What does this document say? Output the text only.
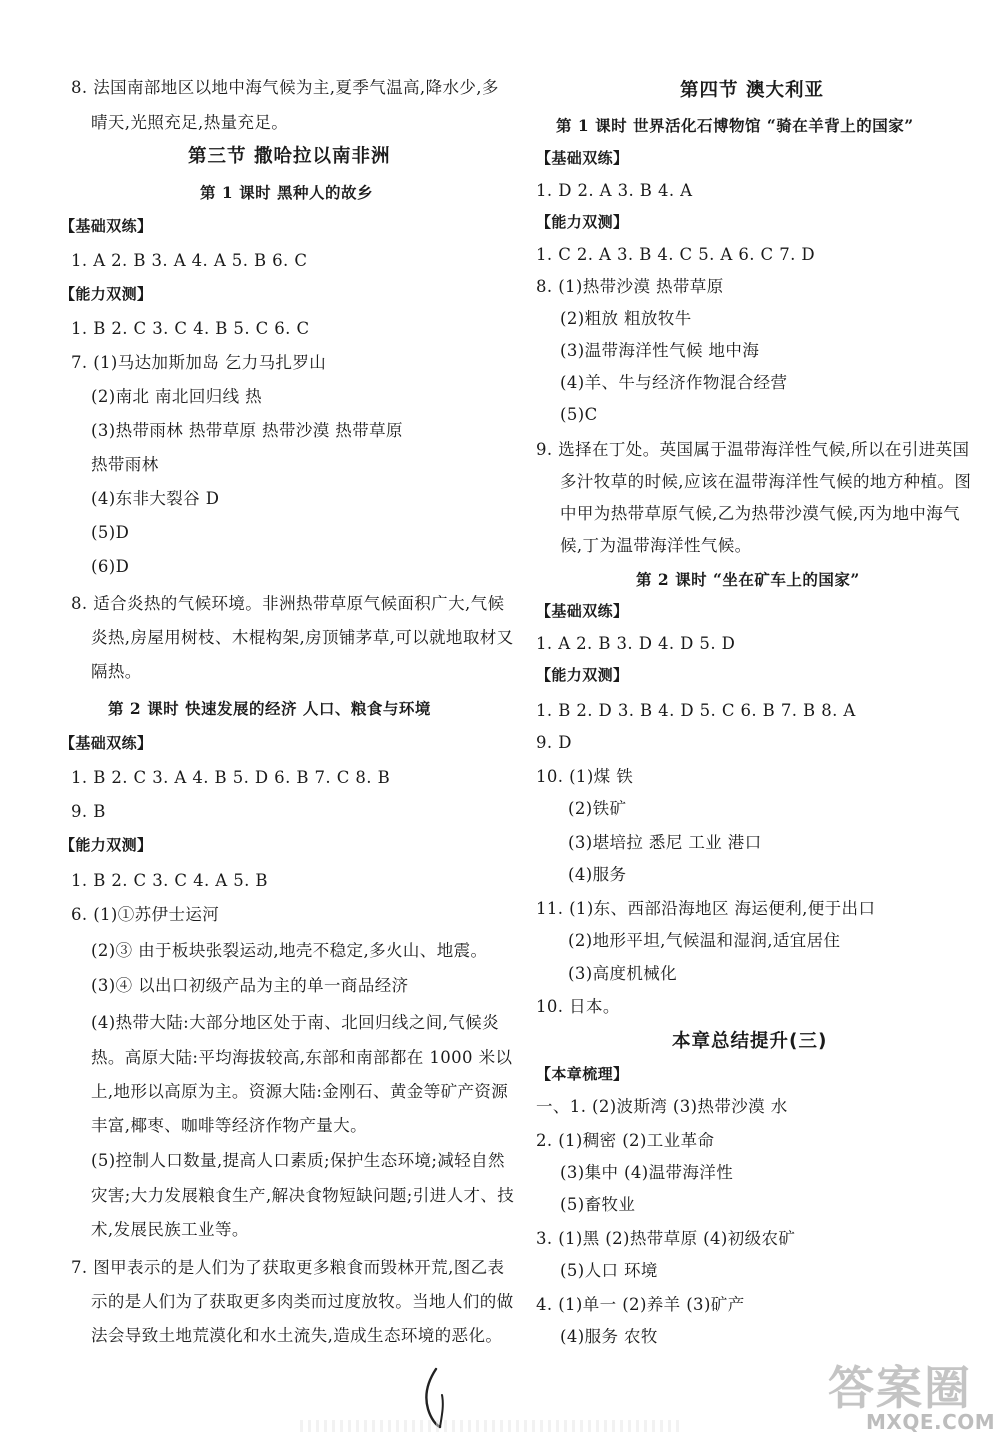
8. 法国南部地区以地中海气候为主,夏季气温高,降水少,多
晴天,光照充足,热量充足。
第三节 撒哈拉以南非洲
第 1 课时 黑种人的故乡
【基础双练】
1. A 2. B 3. A 4. A 5. B 6. C
【能力双测】
1. B 2. C 3. C 4. B 5. C 6. C
7. (1)马达加斯加岛 乞力马扎罗山
(2)南北 南北回归线 热
(3)热带雨林 热带草原 热带沙漠 热带草原
热带雨林
(4)东非大裂谷 D
(5)D
(6)D
8. 适合炎热的气候环境。非洲热带草原气候面积广大,气候
炎热,房屋用树枝、木棍构架,房顶铺茅草,可以就地取材又
隔热。
第 2 课时 快速发展的经济 人口、粮食与环境
【基础双练】
1. B 2. C 3. A 4. B 5. D 6. B 7. C 8. B
9. B
【能力双测】
1. B 2. C 3. C 4. A 5. B
6. (1)①苏伊士运河
(2)③ 由于板块张裂运动,地壳不稳定,多火山、地震。
(3)④ 以出口初级产品为主的单一商品经济
(4)热带大陆:大部分地区处于南、北回归线之间,气候炎
热。高原大陆:平均海拔较高,东部和南部都在 1000 米以
上,地形以高原为主。资源大陆:金刚石、黄金等矿产资源
丰富,椰枣、咖啡等经济作物产量大。
(5)控制人口数量,提高人口素质;保护生态环境;减轻自然
灾害;大力发展粮食生产,解决食物短缺问题;引进人才、技
术,发展民族工业等。
7. 图甲表示的是人们为了获取更多粮食而毁林开荒,图乙表
示的是人们为了获取更多肉类而过度放牧。当地人们的做
法会导致土地荒漠化和水土流失,造成生态环境的恶化。
第四节 澳大利亚
第 1 课时 世界活化石博物馆 “骑在羊背上的国家”
【基础双练】
1. D 2. A 3. B 4. A
【能力双测】
1. C 2. A 3. B 4. C 5. A 6. C 7. D
8. (1)热带沙漠 热带草原
(2)粗放 粗放牧牛
(3)温带海洋性气候 地中海
(4)羊、牛与经济作物混合经营
(5)C
9. 选择在丁处。英国属于温带海洋性气候,所以在引进英国
多汁牧草的时候,应该在温带海洋性气候的地方种植。图
中甲为热带草原气候,乙为热带沙漠气候,丙为地中海气
候,丁为温带海洋性气候。
第 2 课时 “坐在矿车上的国家”
【基础双练】
1. A 2. B 3. D 4. D 5. D
【能力双测】
1. B 2. D 3. B 4. D 5. C 6. B 7. B 8. A
9. D
10. (1)煤 铁
(2)铁矿
(3)堪培拉 悉尼 工业 港口
(4)服务
11. (1)东、西部沿海地区 海运便利,便于出口
(2)地形平坦,气候温和湿润,适宜居住
(3)高度机械化
10. 日本。
本章总结提升(三)
【本章梳理】
一、1. (2)波斯湾 (3)热带沙漠 水
2. (1)稠密 (2)工业革命
(3)集中 (4)温带海洋性
(5)畜牧业
3. (1)黑 (2)热带草原 (4)初级农矿
(5)人口 环境
4. (1)单一 (2)养羊 (3)矿产
(4)服务 农牧
答案圈
MXQE.COM
